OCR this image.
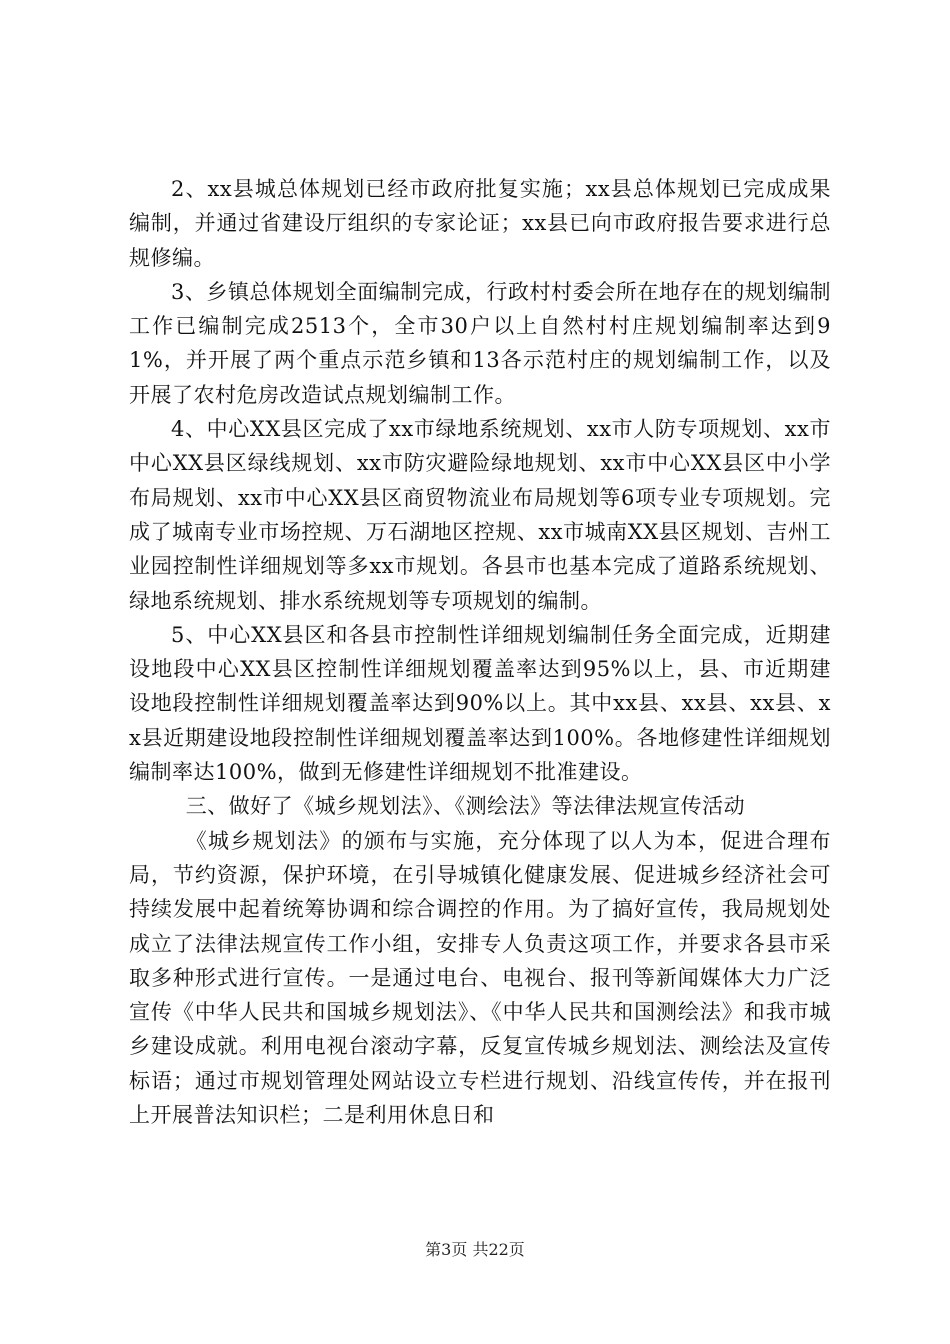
2、xx县城总体规划已经市政府批复实施；xx县总体规划已完成成果编制，并通过省建设厅组织的专家论证；xx县已向市政府报告要求进行总规修编。

3、乡镇总体规划全面编制完成，行政村村委会所在地存在的规划编制工作已编制完成2513个，全市30户以上自然村村庄规划编制率达到91%，并开展了两个重点示范乡镇和13各示范村庄的规划编制工作，以及开展了农村危房改造试点规划编制工作。

4、中心XX县区完成了xx市绿地系统规划、xx市人防专项规划、xx市中心XX县区绿线规划、xx市防灾避险绿地规划、xx市中心XX县区中小学布局规划、xx市中心XX县区商贸物流业布局规划等6项专业专项规划。完成了城南专业市场控规、万石湖地区控规、xx市城南XX县区规划、吉州工业园控制性详细规划等多xx市规划。各县市也基本完成了道路系统规划、绿地系统规划、排水系统规划等专项规划的编制。

5、中心XX县区和各县市控制性详细规划编制任务全面完成，近期建设地段中心XX县区控制性详细规划覆盖率达到95%以上，县、市近期建设地段控制性详细规划覆盖率达到90%以上。其中xx县、xx县、xx县、xx县近期建设地段控制性详细规划覆盖率达到100%。各地修建性详细规划编制率达100%，做到无修建性详细规划不批准建设。

三、做好了《城乡规划法》、《测绘法》等法律法规宣传活动

《城乡规划法》的颁布与实施，充分体现了以人为本，促进合理布局，节约资源，保护环境，在引导城镇化健康发展、促进城乡经济社会可持续发展中起着统筹协调和综合调控的作用。为了搞好宣传，我局规划处成立了法律法规宣传工作小组，安排专人负责这项工作，并要求各县市采取多种形式进行宣传。一是通过电台、电视台、报刊等新闻媒体大力广泛宣传《中华人民共和国城乡规划法》、《中华人民共和国测绘法》和我市城乡建设成就。利用电视台滚动字幕，反复宣传城乡规划法、测绘法及宣传标语；通过市规划管理处网站设立专栏进行规划、沿线宣传传，并在报刊上开展普法知识栏；二是利用休息日和

第3页 共22页
